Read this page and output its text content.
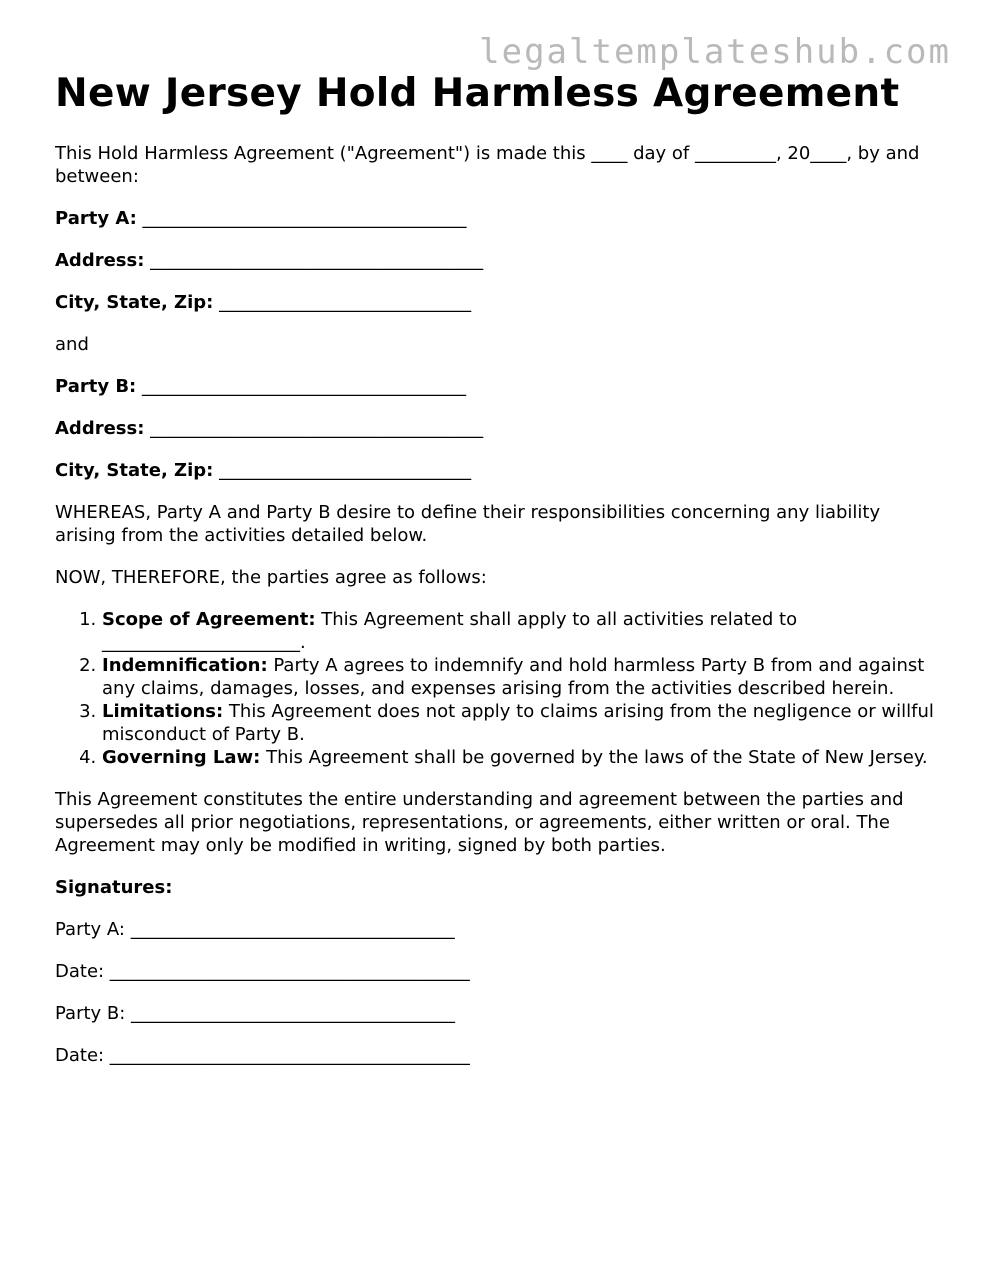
legaltemplateshub.com
New Jersey Hold Harmless Agreement

This Hold Harmless Agreement ("Agreement") is made this ____ day of _________, 20____, by and between:

Party A: ____________________________________

Address: _____________________________________

City, State, Zip: ____________________________

and

Party B: ____________________________________

Address: _____________________________________

City, State, Zip: ____________________________

WHEREAS, Party A and Party B desire to define their responsibilities concerning any liability arising from the activities detailed below.

NOW, THEREFORE, the parties agree as follows:

1. Scope of Agreement: This Agreement shall apply to all activities related to ______________________.
2. Indemnification: Party A agrees to indemnify and hold harmless Party B from and against any claims, damages, losses, and expenses arising from the activities described herein.
3. Limitations: This Agreement does not apply to claims arising from the negligence or willful misconduct of Party B.
4. Governing Law: This Agreement shall be governed by the laws of the State of New Jersey.

This Agreement constitutes the entire understanding and agreement between the parties and supersedes all prior negotiations, representations, or agreements, either written or oral. The Agreement may only be modified in writing, signed by both parties.

Signatures:

Party A: ____________________________________

Date: ________________________________________

Party B: ____________________________________

Date: ________________________________________
